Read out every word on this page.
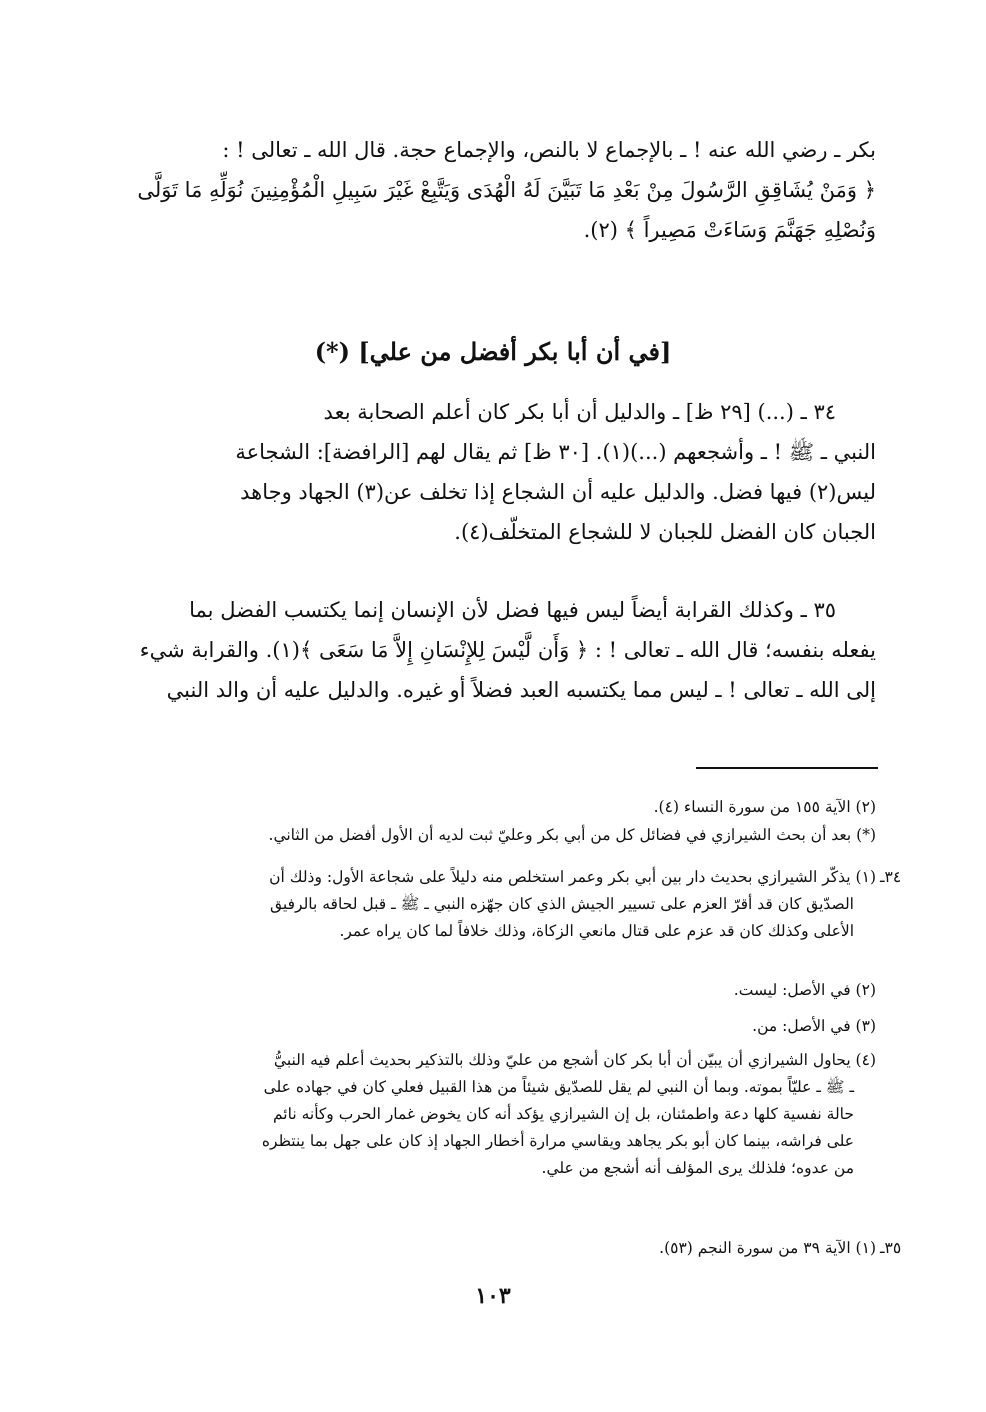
بكر ـ رضي الله عنه ! ـ بالإجماع لا بالنص، والإجماع حجة. قال الله ـ تعالى ! :
﴿ وَمَنْ يُشَاقِقِ الرَّسُولَ مِنْ بَعْدِ مَا تَبَيَّنَ لَهُ الْهُدَى وَيَتَّبِعْ غَيْرَ سَبِيلِ الْمُؤْمِنِينَ نُوَلِّهِ مَا تَوَلَّى
وَنُصْلِهِ جَهَنَّمَ وَسَاءَتْ مَصِيراً ﴾ (٢).
[في أن أبا بكر أفضل من علي] (*)
٣٤ ـ (...) [٢٩ ظ] ـ والدليل أن أبا بكر كان أعلم الصحابة بعد
النبي ـ ﷺ ! ـ وأشجعهم (...)(١). [٣٠ ظ] ثم يقال لهم [الرافضة]: الشجاعة
ليس(٢) فيها فضل. والدليل عليه أن الشجاع إذا تخلف عن(٣) الجهاد وجاهد
الجبان كان الفضل للجبان لا للشجاع المتخلّف(٤).
٣٥ ـ وكذلك القرابة أيضاً ليس فيها فضل لأن الإنسان إنما يكتسب الفضل بما
يفعله بنفسه؛ قال الله ـ تعالى ! : ﴿ وَأَن لَّيْسَ لِلإِنْسَانِ إِلاَّ مَا سَعَى ﴾(١). والقرابة شيء
إلى الله ـ تعالى ! ـ ليس مما يكتسبه العبد فضلاً أو غيره. والدليل عليه أن والد النبي
(٢) الآية ١٥٥ من سورة النساء (٤).
(*) بعد أن بحث الشيرازي في فضائل كل من أبي بكر وعليّ ثبت لديه أن الأول أفضل من الثاني.
٣٤ـ
(١) يذكّر الشيرازي بحديث دار بين أبي بكر وعمر استخلص منه دليلاً على شجاعة الأول: وذلك أن
الصدّيق كان قد أقرّ العزم على تسيير الجيش الذي كان جهّزه النبي ـ ﷺ ـ قبل لحاقه بالرفيق
الأعلى وكذلك كان قد عزم على قتال مانعي الزكاة، وذلك خلافاً لما كان يراه عمر.
(٢) في الأصل: ليست.
(٣) في الأصل: من.
(٤) يحاول الشيرازي أن يبيّن أن أبا بكر كان أشجع من عليّ وذلك بالتذكير بحديث أعلم فيه النبيُّ
ـ ﷺ ـ عليّاً بموته. وبما أن النبي لم يقل للصدّيق شيئاً من هذا القبيل فعلي كان في جهاده على
حالة نفسية كلها دعة واطمئنان، بل إن الشيرازي يؤكد أنه كان يخوض غمار الحرب وكأنه نائم
على فراشه، بينما كان أبو بكر يجاهد ويقاسي مرارة أخطار الجهاد إذ كان على جهل بما ينتظره
من عدوه؛ فلذلك يرى المؤلف أنه أشجع من علي.
٣٥ـ
(١) الآية ٣٩ من سورة النجم (٥٣).
١٠٣
